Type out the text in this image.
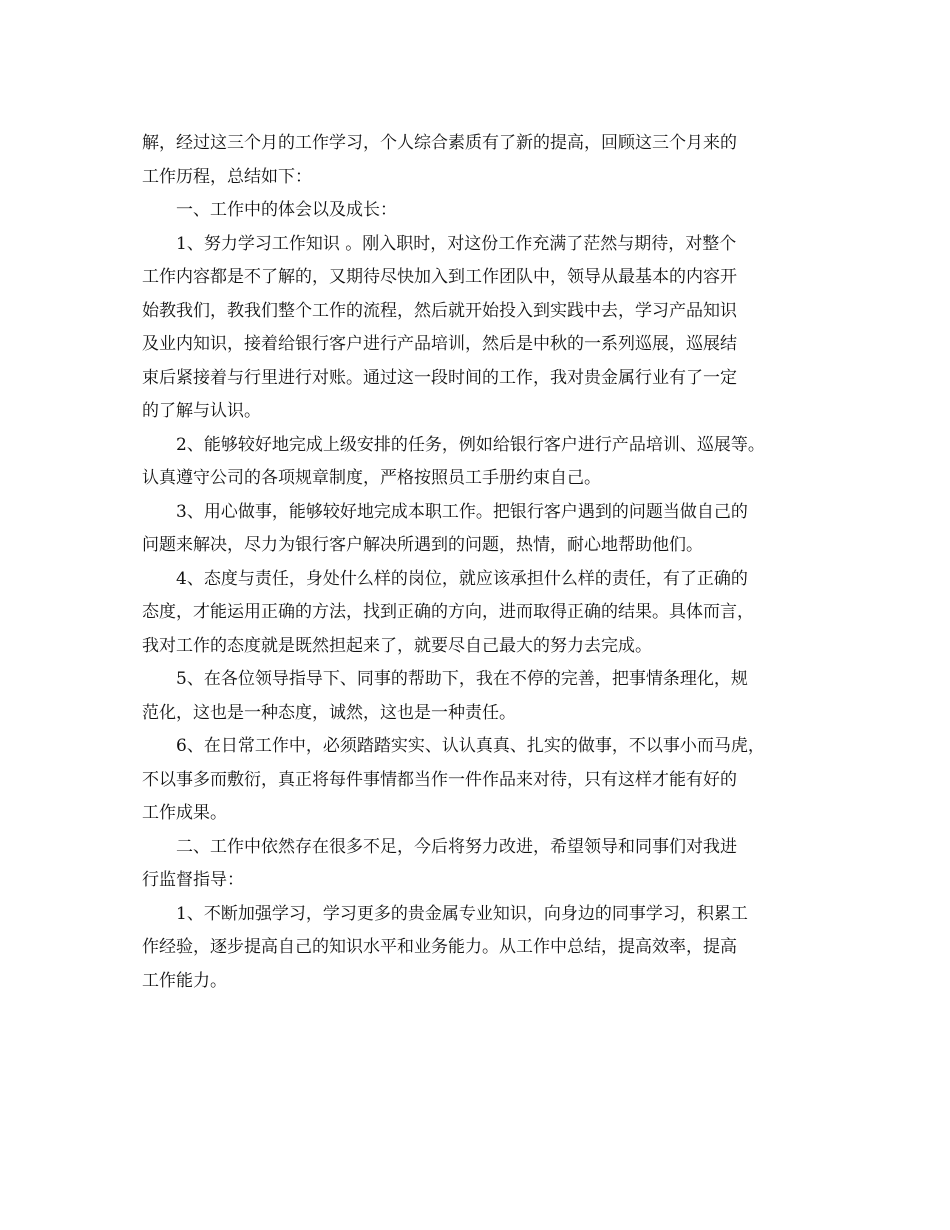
解，经过这三个月的工作学习，个人综合素质有了新的提高，回顾这三个月来的
工作历程，总结如下：
一、工作中的体会以及成长：
1、努力学习工作知识 。刚入职时，对这份工作充满了茫然与期待，对整个
工作内容都是不了解的，又期待尽快加入到工作团队中，领导从最基本的内容开
始教我们，教我们整个工作的流程，然后就开始投入到实践中去，学习产品知识
及业内知识，接着给银行客户进行产品培训，然后是中秋的一系列巡展，巡展结
束后紧接着与行里进行对账。通过这一段时间的工作，我对贵金属行业有了一定
的了解与认识。
2、能够较好地完成上级安排的任务，例如给银行客户进行产品培训、巡展等。
认真遵守公司的各项规章制度，严格按照员工手册约束自己。
3、用心做事，能够较好地完成本职工作。把银行客户遇到的问题当做自己的
问题来解决，尽力为银行客户解决所遇到的问题，热情，耐心地帮助他们。
4、态度与责任，身处什么样的岗位，就应该承担什么样的责任，有了正确的
态度，才能运用正确的方法，找到正确的方向，进而取得正确的结果。具体而言，
我对工作的态度就是既然担起来了，就要尽自己最大的努力去完成。
5、在各位领导指导下、同事的帮助下，我在不停的完善，把事情条理化，规
范化，这也是一种态度，诚然，这也是一种责任。
6、在日常工作中，必须踏踏实实、认认真真、扎实的做事，不以事小而马虎，
不以事多而敷衍，真正将每件事情都当作一件作品来对待，只有这样才能有好的
工作成果。
二、工作中依然存在很多不足，今后将努力改进，希望领导和同事们对我进
行监督指导：
1、不断加强学习，学习更多的贵金属专业知识，向身边的同事学习，积累工
作经验，逐步提高自己的知识水平和业务能力。从工作中总结，提高效率，提高
工作能力。
